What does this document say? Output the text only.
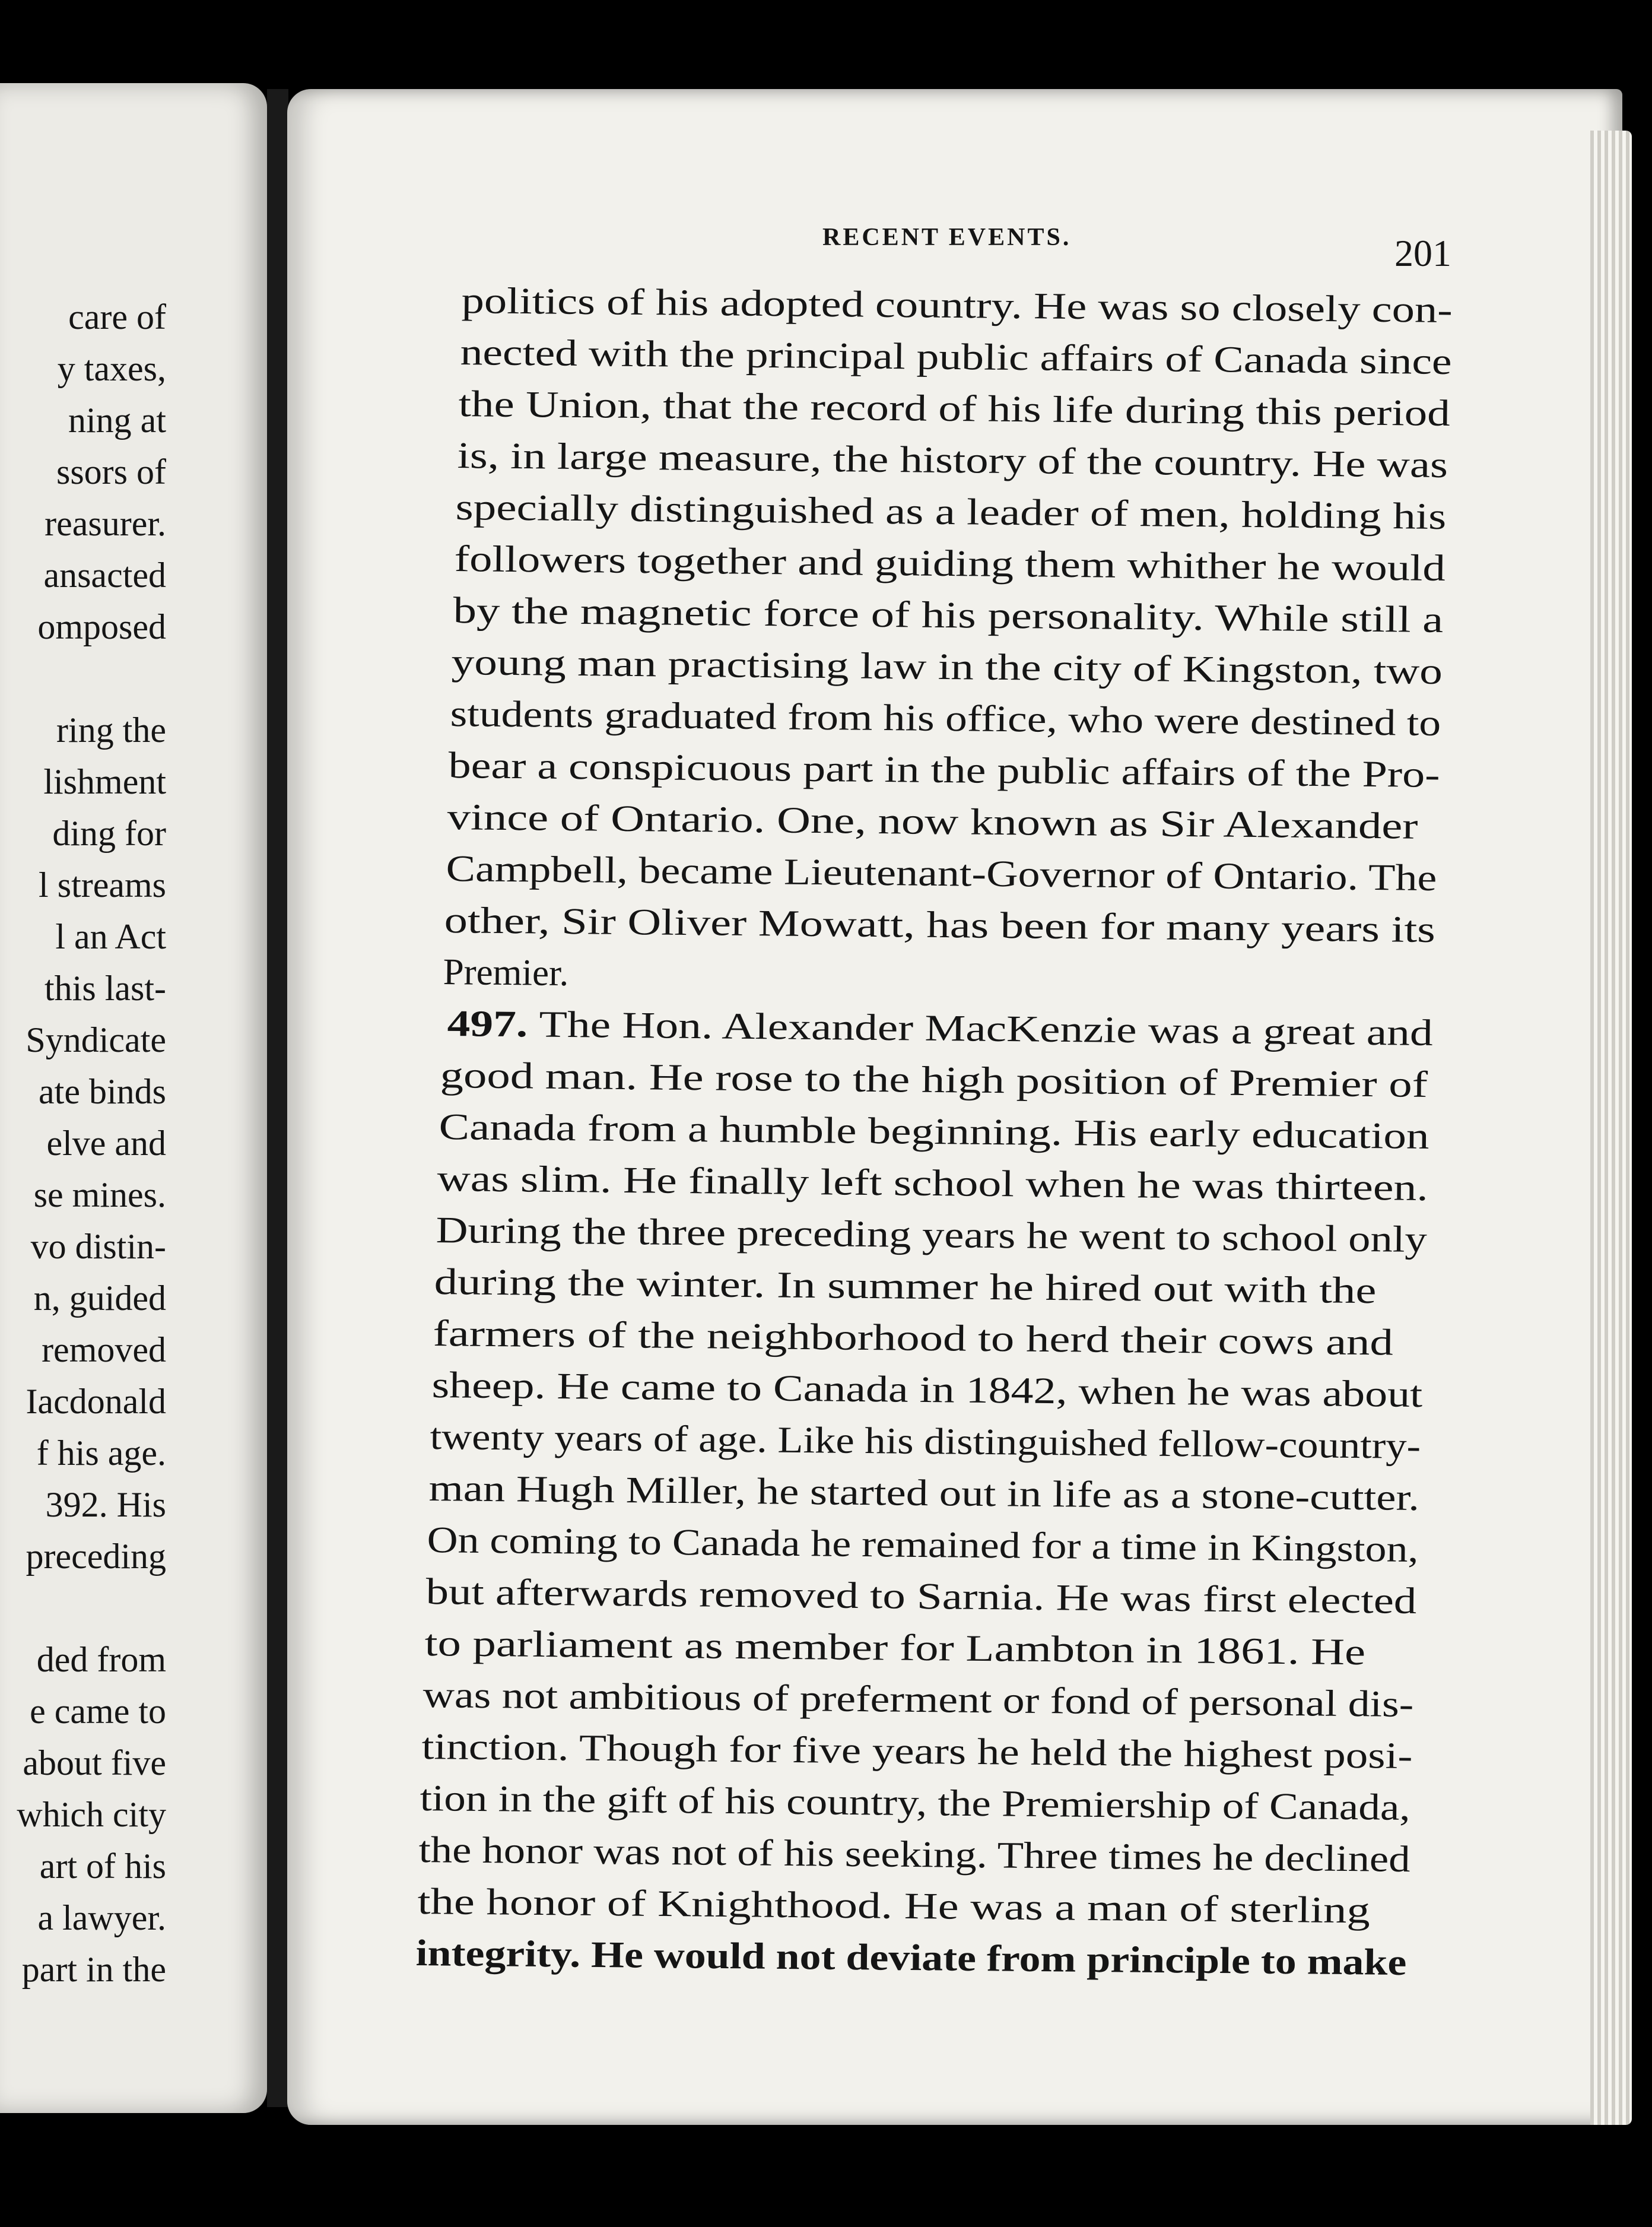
care of
y taxes,
ning at
ssors of
reasurer.
ansacted
omposed
ring the
lishment
ding for
l streams
l an Act
this last-
Syndicate
ate binds
elve and
se mines.
vo distin-
n, guided
removed
Iacdonald
f his age.
392. His
preceding
ded from
e came to
about five
which city
art of his
a lawyer.
part in the
RECENT EVENTS.	201
politics of his adopted country. He was so closely con-
nected with the principal public affairs of Canada since
the Union, that the record of his life during this period
is, in large measure, the history of the country. He was
specially distinguished as a leader of men, holding his
followers together and guiding them whither he would
by the magnetic force of his personality. While still a
young man practising law in the city of Kingston, two
students graduated from his office, who were destined to
bear a conspicuous part in the public affairs of the Pro-
vince of Ontario. One, now known as Sir Alexander
Campbell, became Lieutenant-Governor of Ontario. The
other, Sir Oliver Mowatt, has been for many years its
Premier.
497. The Hon. Alexander MacKenzie was a great and
good man. He rose to the high position of Premier of
Canada from a humble beginning. His early education
was slim. He finally left school when he was thirteen.
During the three preceding years he went to school only
during the winter. In summer he hired out with the
farmers of the neighborhood to herd their cows and
sheep. He came to Canada in 1842, when he was about
twenty years of age. Like his distinguished fellow-country-
man Hugh Miller, he started out in life as a stone-cutter.
On coming to Canada he remained for a time in Kingston,
but afterwards removed to Sarnia. He was first elected
to parliament as member for Lambton in 1861. He
was not ambitious of preferment or fond of personal dis-
tinction. Though for five years he held the highest posi-
tion in the gift of his country, the Premiership of Canada,
the honor was not of his seeking. Three times he declined
the honor of Knighthood. He was a man of sterling
integrity. He would not deviate from principle to make
